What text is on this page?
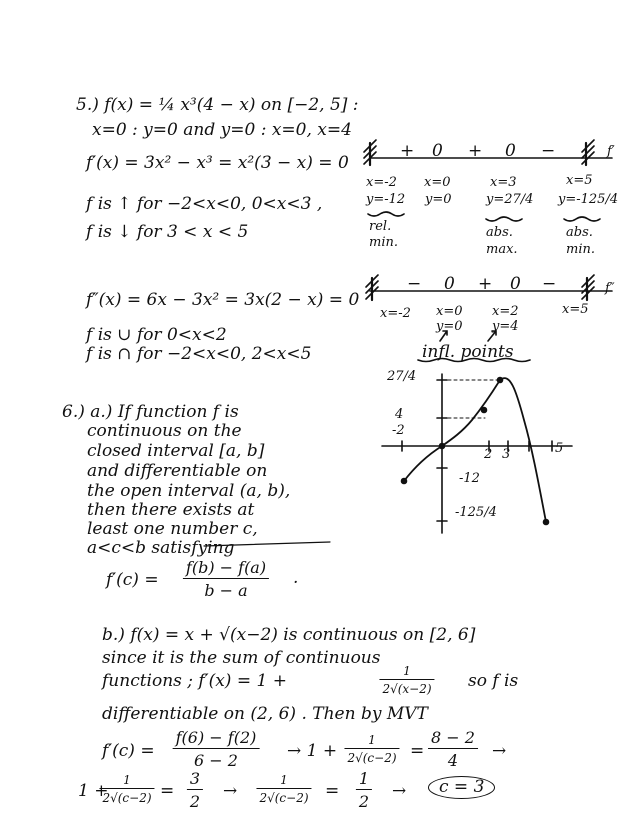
5.) f(x) = ¼ x³(4 − x) on [−2, 5] :
x=0 : y=0 and y=0 : x=0, x=4
f′(x) = 3x² − x³ = x²(3 − x) = 0
f is ↑ for −2<x<0, 0<x<3 ,
f is ↓ for 3 < x < 5
+ 0 + 0 −	f′
x=-2
y=-12
rel.
min.
x=0
y=0
x=3
y=27/4
abs.
max.
x=5
y=-125/4
abs.
min.
f″(x) = 6x − 3x² = 3x(2 − x) = 0
f is ∪ for 0<x<2
f is ∩ for −2<x<0, 2<x<5
− 0 + 0 −	f″
x=-2 x=0
y=0
x=2
y=4
x=5
infl. points
27/4
4
-12
-125/4
-2
2 3	5
6.) a.) If function f is
continuous on the
closed interval [a, b]
and differentiable on
the open interval (a, b),
then there exists at
least one number c,
a<c<b satisfying
$f'(c) = \frac{f(b) - f(a)}{b - a}$ .
b.) f(x) = x + √(x−2) is continuous on [2, 6]
since it is the sum of continuous
functions ; f′(x) = 1 +	$\frac{1}{2√(x-2)}$ so f is
differentiable on (2, 6) . Then by MVT
$f'(c) = \frac{f(6) - f(2)}{6 - 2} \to 1 + \frac{1}{2√(c-2)} = \frac{8 - 2}{4}$ →
1 +
$\frac{1}{2√(c-2)} = \frac{3}{2} \to \frac{1}{2√(c-2)} = \frac{1}{2}$ →	c = 3
